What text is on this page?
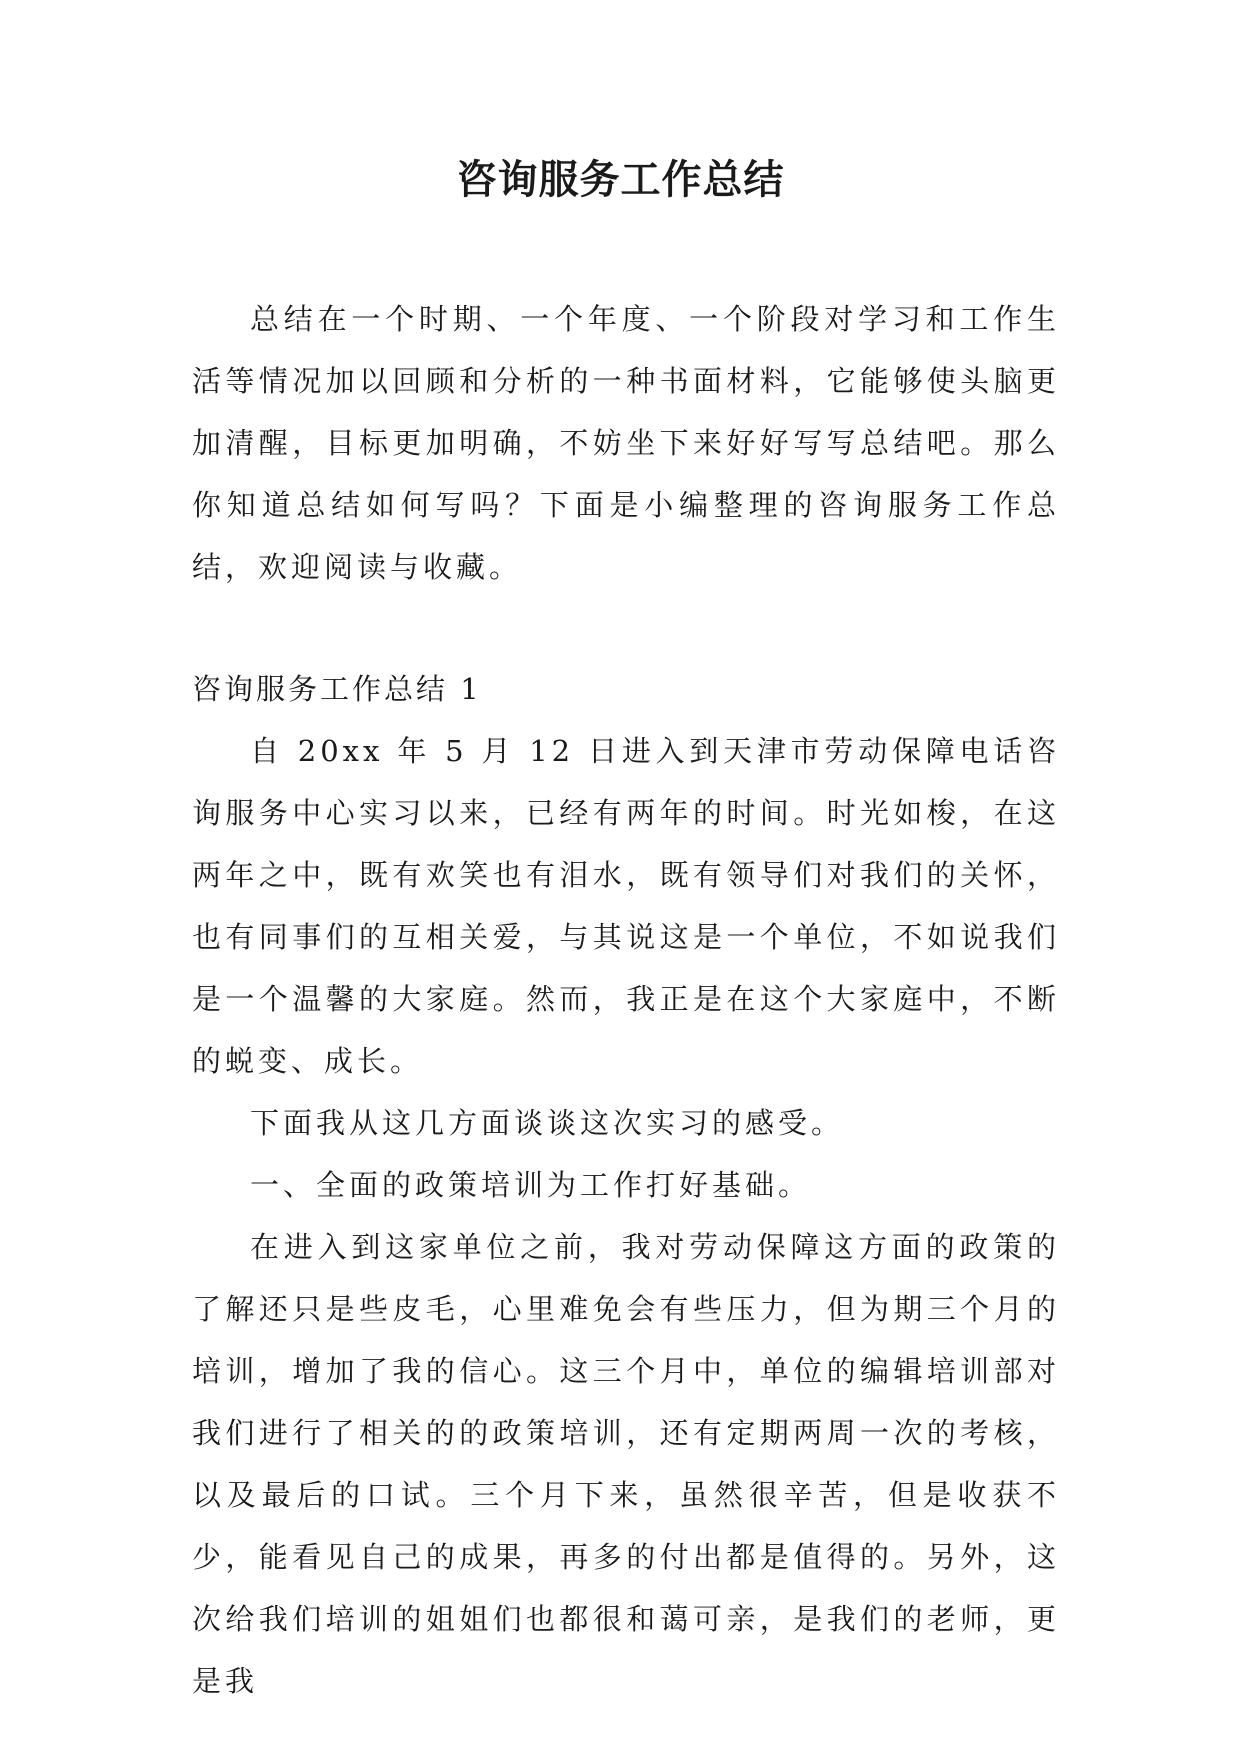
咨询服务工作总结

总结在一个时期、一个年度、一个阶段对学习和工作生活等情况加以回顾和分析的一种书面材料，它能够使头脑更加清醒，目标更加明确，不妨坐下来好好写写总结吧。那么你知道总结如何写吗？下面是小编整理的咨询服务工作总结，欢迎阅读与收藏。

咨询服务工作总结 1

自 20xx 年 5 月 12 日进入到天津市劳动保障电话咨询服务中心实习以来，已经有两年的时间。时光如梭，在这两年之中，既有欢笑也有泪水，既有领导们对我们的关怀，也有同事们的互相关爱，与其说这是一个单位，不如说我们是一个温馨的大家庭。然而，我正是在这个大家庭中，不断的蜕变、成长。

下面我从这几方面谈谈这次实习的感受。

一、全面的政策培训为工作打好基础。

在进入到这家单位之前，我对劳动保障这方面的政策的了解还只是些皮毛，心里难免会有些压力，但为期三个月的培训，增加了我的信心。这三个月中，单位的编辑培训部对我们进行了相关的的政策培训，还有定期两周一次的考核，以及最后的口试。三个月下来，虽然很辛苦，但是收获不少，能看见自己的成果，再多的付出都是值得的。另外，这次给我们培训的姐姐们也都很和蔼可亲，是我们的老师，更是我
